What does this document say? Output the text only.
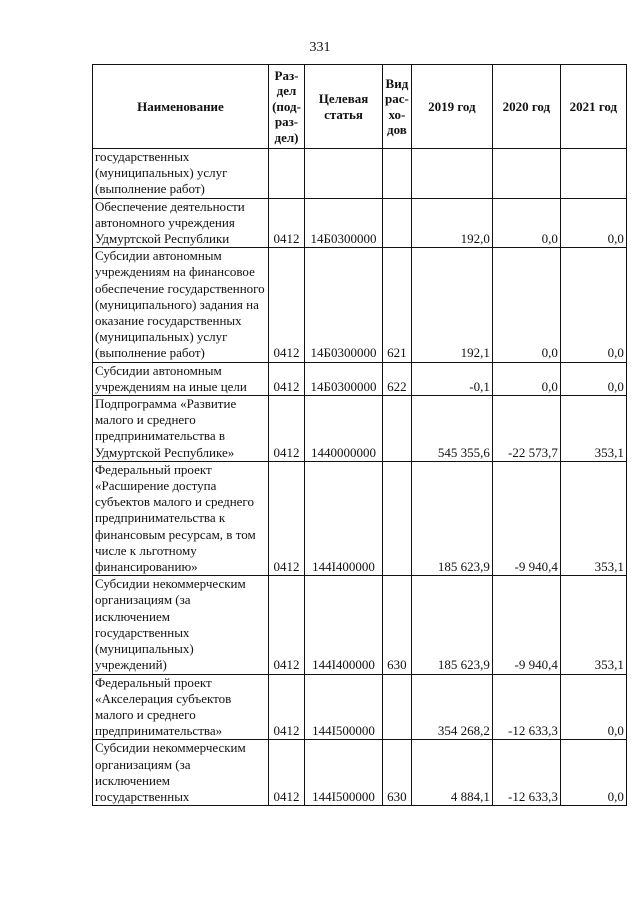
331
Наименование	Раз-дел (под-раз-дел)	Целевая статья	Вид рас-хо-дов	2019 год	2020 год	2021 год
государственных (муниципальных) услуг (выполнение работ)						
Обеспечение деятельности автономного учреждения Удмуртской Республики	0412	14Б0300000		192,0	0,0	0,0
Субсидии автономным учреждениям на финансовое обеспечение государственного (муниципального) задания на оказание государственных (муниципальных) услуг (выполнение работ)	0412	14Б0300000	621	192,1	0,0	0,0
Субсидии автономным учреждениям на иные цели	0412	14Б0300000	622	-0,1	0,0	0,0
Подпрограмма «Развитие малого и среднего предпринимательства в Удмуртской Республике»	0412	1440000000		545 355,6	-22 573,7	353,1
Федеральный проект «Расширение доступа субъектов малого и среднего предпринимательства к финансовым ресурсам, в том числе к льготному финансированию»	0412	144I400000		185 623,9	-9 940,4	353,1
Субсидии некоммерческим организациям (за исключением государственных (муниципальных) учреждений)	0412	144I400000	630	185 623,9	-9 940,4	353,1
Федеральный проект «Акселерация субъектов малого и среднего предпринимательства»	0412	144I500000		354 268,2	-12 633,3	0,0
Субсидии некоммерческим организациям (за исключением государственных	0412	144I500000	630	4 884,1	-12 633,3	0,0
